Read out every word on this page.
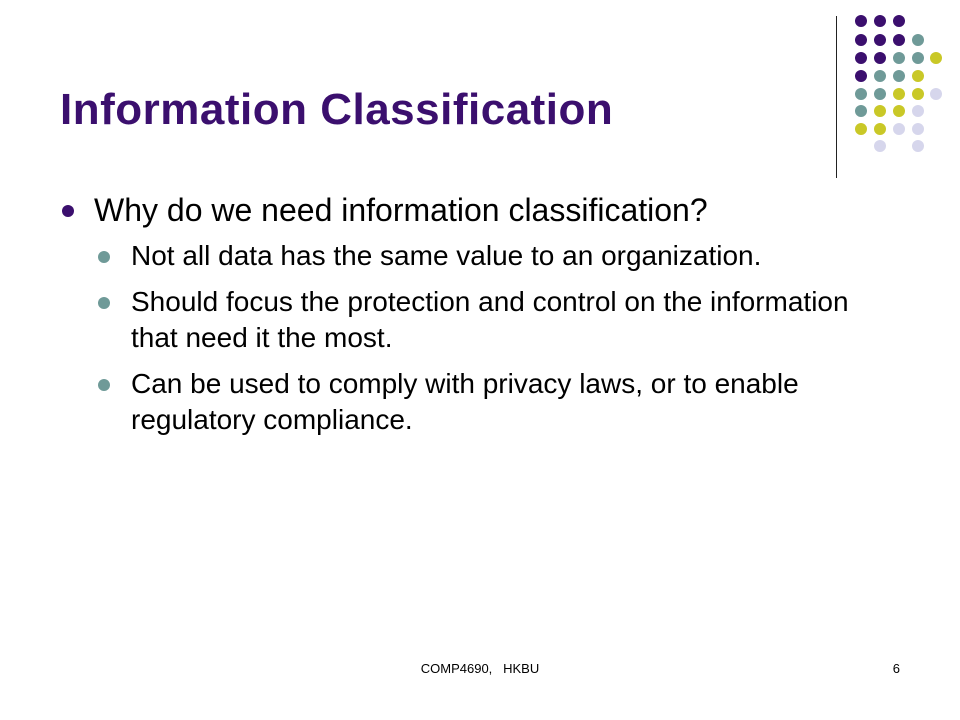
Information Classification

Why do we need information classification?

Not all data has the same value to an organization.

Should focus the protection and control on the information that need it the most.

Can be used to comply with privacy laws, or to enable regulatory compliance.

COMP4690,   HKBU	6
